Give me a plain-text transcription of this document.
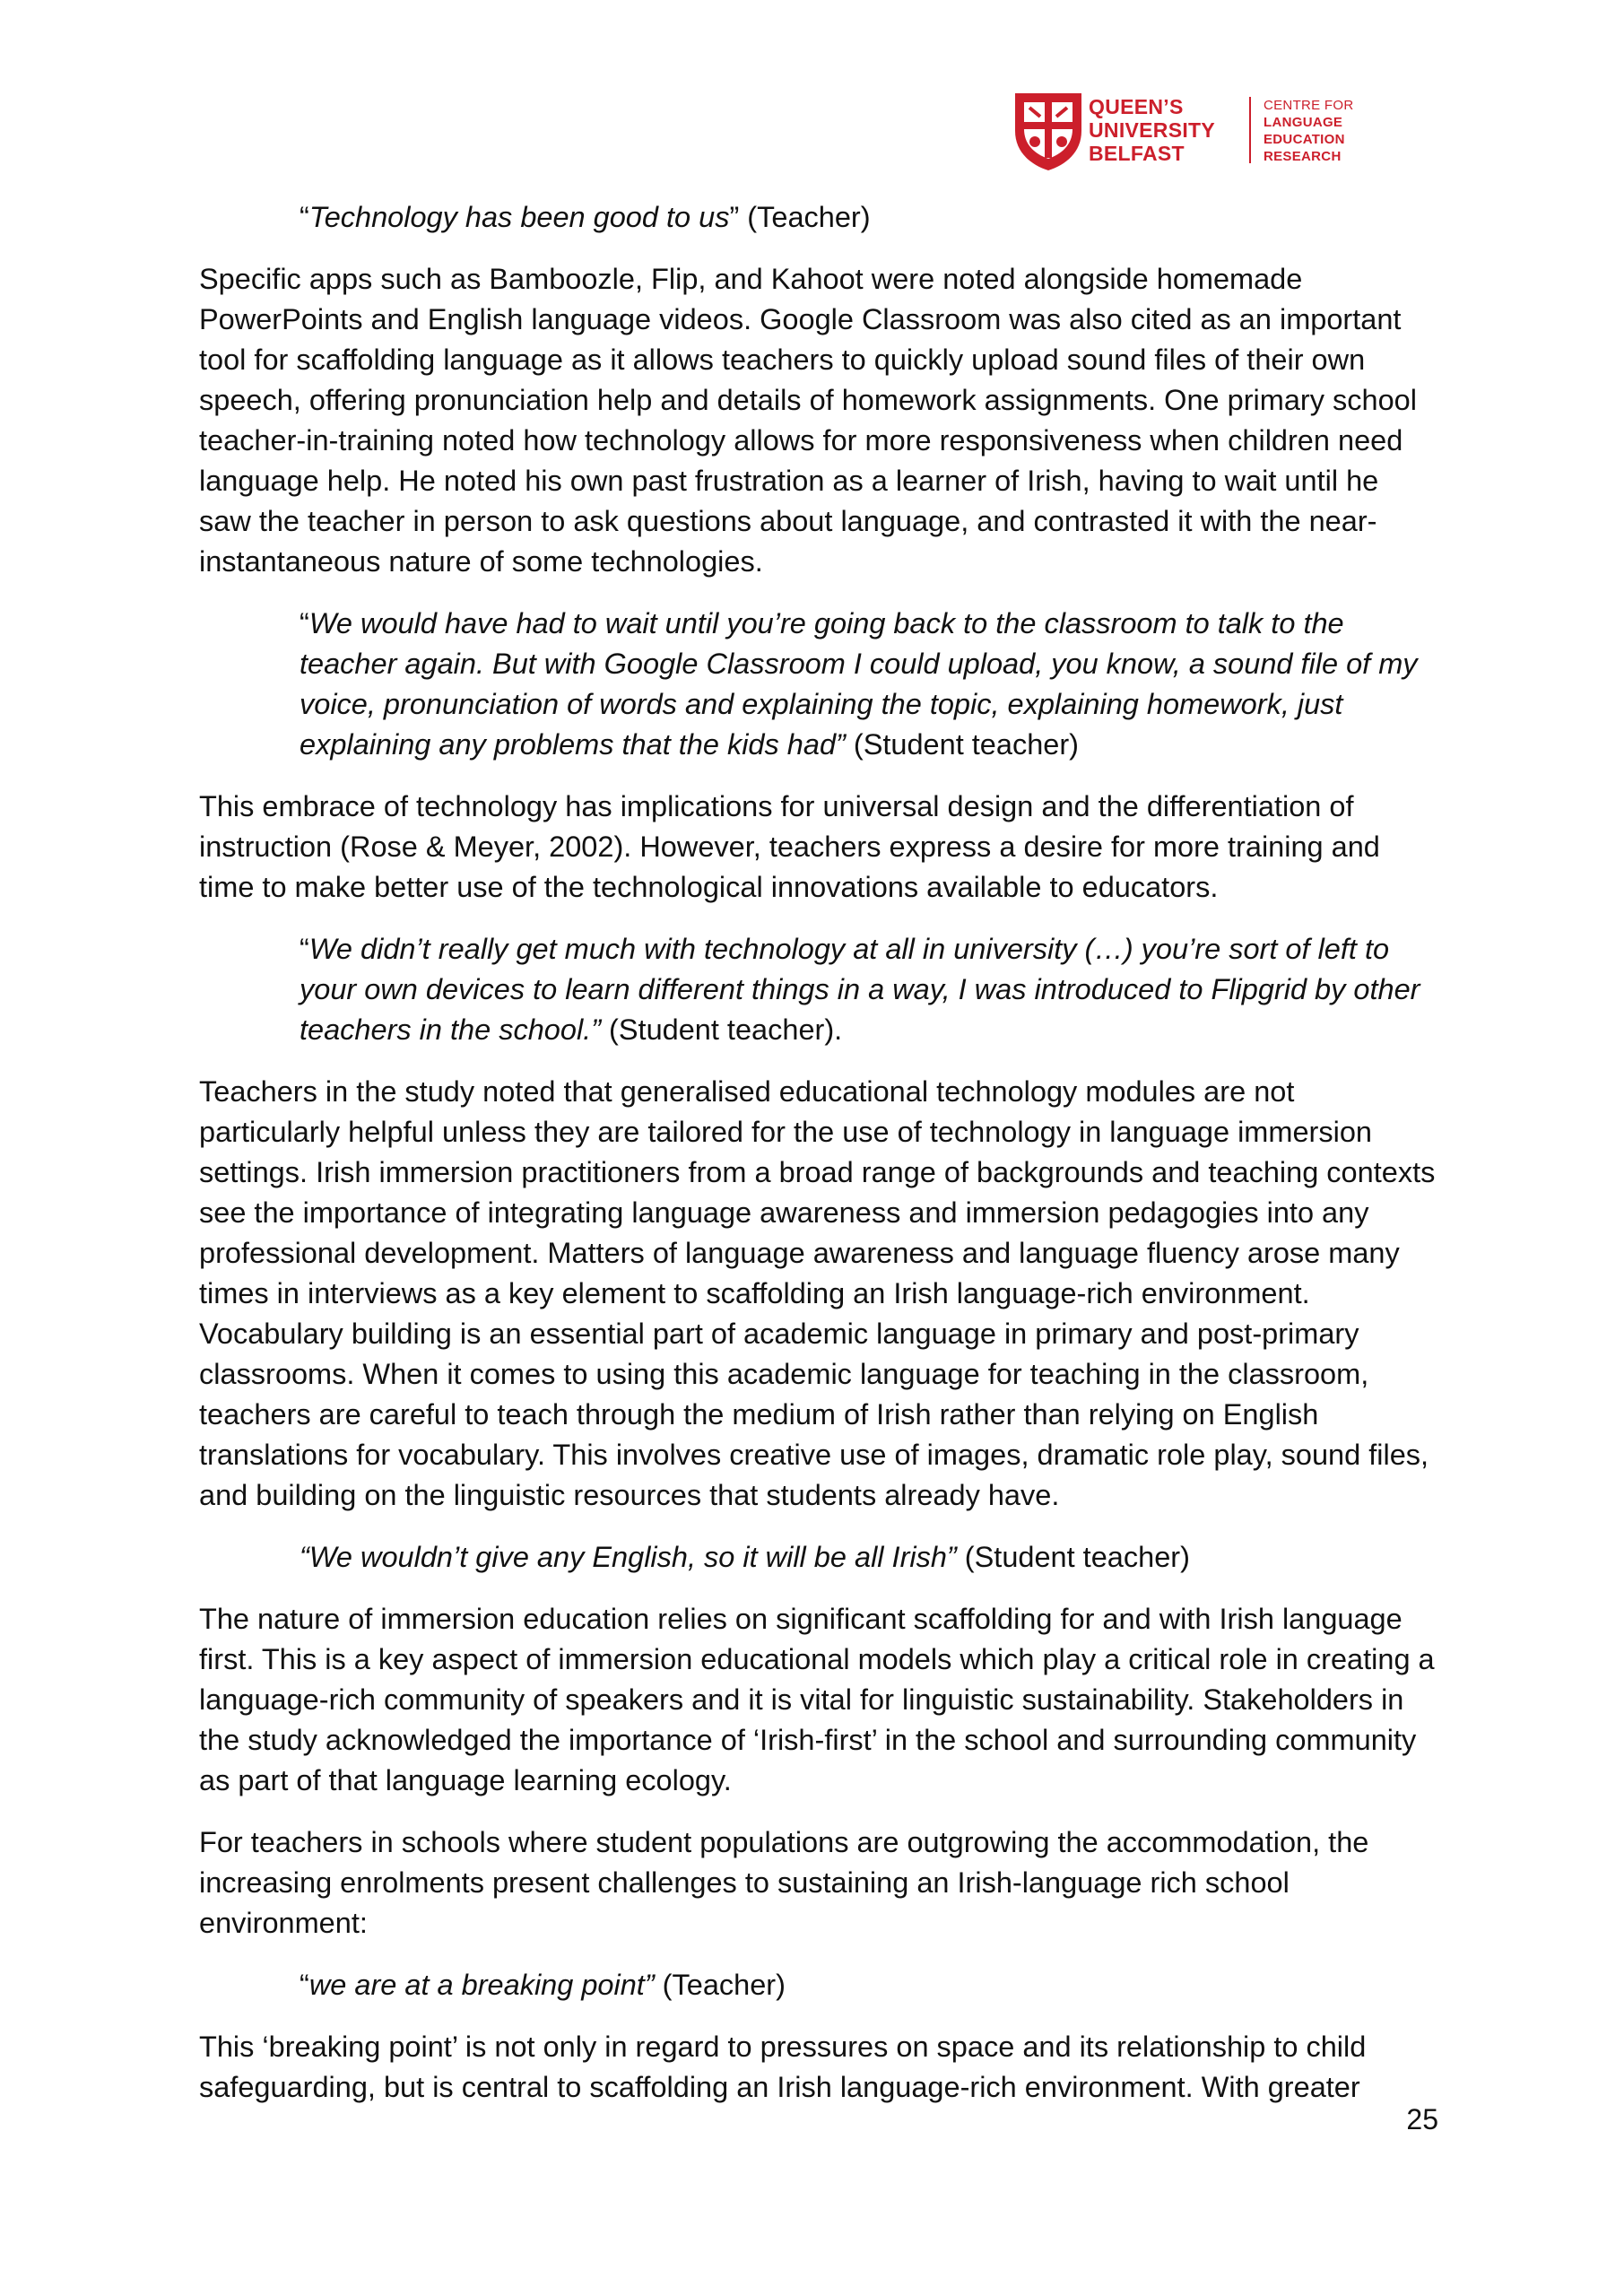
QUEEN’S
UNIVERSITY
BELFAST
CENTRE FOR
LANGUAGE
EDUCATION
RESEARCH

“Technology has been good to us” (Teacher)

Specific apps such as Bamboozle, Flip, and Kahoot were noted alongside homemade PowerPoints and English language videos. Google Classroom was also cited as an important tool for scaffolding language as it allows teachers to quickly upload sound files of their own speech, offering pronunciation help and details of homework assignments. One primary school teacher-in-training noted how technology allows for more responsiveness when children need language help. He noted his own past frustration as a learner of Irish, having to wait until he saw the teacher in person to ask questions about language, and contrasted it with the near-instantaneous nature of some technologies.

“We would have had to wait until you’re going back to the classroom to talk to the teacher again. But with Google Classroom I could upload, you know, a sound file of my voice, pronunciation of words and explaining the topic, explaining homework, just explaining any problems that the kids had” (Student teacher)

This embrace of technology has implications for universal design and the differentiation of instruction (Rose & Meyer, 2002). However, teachers express a desire for more training and time to make better use of the technological innovations available to educators.

“We didn’t really get much with technology at all in university (…) you’re sort of left to your own devices to learn different things in a way, I was introduced to Flipgrid by other teachers in the school.” (Student teacher).

Teachers in the study noted that generalised educational technology modules are not particularly helpful unless they are tailored for the use of technology in language immersion settings. Irish immersion practitioners from a broad range of backgrounds and teaching contexts see the importance of integrating language awareness and immersion pedagogies into any professional development. Matters of language awareness and language fluency arose many times in interviews as a key element to scaffolding an Irish language-rich environment. Vocabulary building is an essential part of academic language in primary and post-primary classrooms. When it comes to using this academic language for teaching in the classroom, teachers are careful to teach through the medium of Irish rather than relying on English translations for vocabulary. This involves creative use of images, dramatic role play, sound files, and building on the linguistic resources that students already have.

“We wouldn’t give any English, so it will be all Irish” (Student teacher)

The nature of immersion education relies on significant scaffolding for and with Irish language first. This is a key aspect of immersion educational models which play a critical role in creating a language-rich community of speakers and it is vital for linguistic sustainability. Stakeholders in the study acknowledged the importance of ‘Irish-first’ in the school and surrounding community as part of that language learning ecology.

For teachers in schools where student populations are outgrowing the accommodation, the increasing enrolments present challenges to sustaining an Irish-language rich school environment:

“we are at a breaking point” (Teacher)

This ‘breaking point’ is not only in regard to pressures on space and its relationship to child safeguarding, but is central to scaffolding an Irish language-rich environment. With greater

25
